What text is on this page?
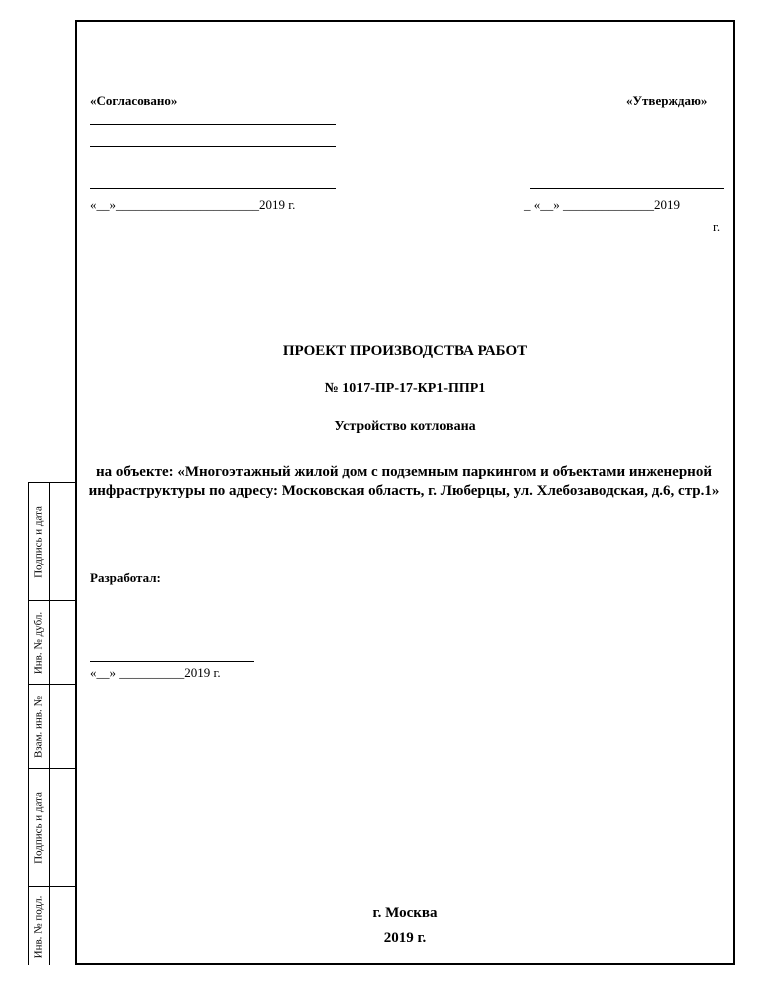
Подпись и дата
Инв. № дубл.
Взам. инв. №
Подпись и дата
Инв. № подл.
«Согласовано»	«Утверждаю»
«__»______________________2019 г.	_ «__» ______________2019
г.
ПРОЕКТ ПРОИЗВОДСТВА РАБОТ
№ 1017-ПР-17-КР1-ППР1
Устройство котлована
на объекте: «Многоэтажный жилой дом с подземным паркингом и объектами инженерной инфраструктуры по адресу: Московская область, г. Люберцы, ул. Хлебозаводская, д.6, стр.1»
Разработал:
«__» __________2019 г.
г. Москва
2019 г.
